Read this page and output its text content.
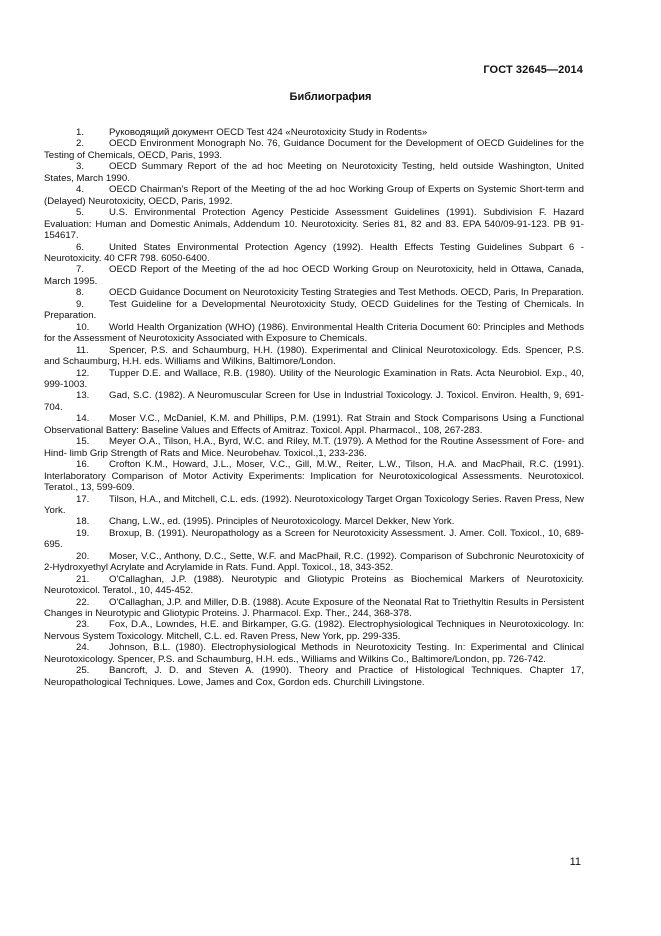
ГОСТ 32645—2014
Библиография
1.	Руководящий документ OECD Test 424 «Neurotoxicity Study in Rodents»
2.	OECD Environment Monograph No. 76, Guidance Document for the Development of OECD Guidelines for the Testing of Chemicals, OECD, Paris, 1993.
3.	OECD Summary Report of the ad hoc Meeting on Neurotoxicity Testing, held outside Washington, United States, March 1990.
4.	OECD Chairman's Report of the Meeting of the ad hoc Working Group of Experts on Systemic Short-term and (Delayed) Neurotoxicity, OECD, Paris, 1992.
5.	U.S. Environmental Protection Agency Pesticide Assessment Guidelines (1991). Subdivision F. Hazard Evaluation: Human and Domestic Animals, Addendum 10. Neurotoxicity. Series 81, 82 and 83. EPA 540/09-91-123. PB 91-154617.
6.	United States Environmental Protection Agency (1992). Health Effects Testing Guidelines Subpart 6 - Neurotoxicity. 40 CFR 798. 6050-6400.
7.	OECD Report of the Meeting of the ad hoc OECD Working Group on Neurotoxicity, held in Ottawa, Canada, March 1995.
8.	OECD Guidance Document on Neurotoxicity Testing Strategies and Test Methods. OECD, Paris, In Preparation.
9.	Test Guideline for a Developmental Neurotoxicity Study, OECD Guidelines for the Testing of Chemicals. In Preparation.
10. World Health Organization (WHO) (1986). Environmental Health Criteria Document 60: Principles and Methods for the Assessment of Neurotoxicity Associated with Exposure to Chemicals.
11. Spencer, P.S. and Schaumburg, H.H. (1980). Experimental and Clinical Neurotoxicology. Eds. Spencer, P.S. and Schaumburg, H.H. eds. Williams and Wilkins, Baltimore/London.
12. Tupper D.E. and Wallace, R.B. (1980). Utility of the Neurologic Examination in Rats. Acta Neurobiol. Exp., 40, 999-1003.
13. Gad, S.C. (1982). A Neuromuscular Screen for Use in Industrial Toxicology. J. Toxicol. Environ. Health, 9, 691-704.
14. Moser V.C., McDaniel, K.M. and Phillips, P.M. (1991). Rat Strain and Stock Comparisons Using a Functional Observational Battery: Baseline Values and Effects of Amitraz. Toxicol. Appl. Pharmacol., 108, 267-283.
15. Meyer O.A., Tilson, H.A., Byrd, W.C. and Riley, M.T. (1979). A Method for the Routine Assessment of Fore- and Hind- limb Grip Strength of Rats and Mice. Neurobehav. Toxicol.,1, 233-236.
16. Crofton K.M., Howard, J.L., Moser, V.C., Gill, M.W., Reiter, L.W., Tilson, H.A. and MacPhail, R.C. (1991). Interlaboratory Comparison of Motor Activity Experiments: Implication for Neurotoxicological Assessments. Neurotoxicol. Teratol., 13, 599-609.
17. Tilson, H.A., and Mitchell, C.L. eds. (1992). Neurotoxicology Target Organ Toxicology Series. Raven Press, New York.
18. Chang, L.W., ed. (1995). Principles of Neurotoxicology. Marcel Dekker, New York.
19. Broxup, B. (1991). Neuropathology as a Screen for Neurotoxicity Assessment. J. Amer. Coll. Toxicol., 10, 689-695.
20. Moser, V.C., Anthony, D.C., Sette, W.F. and MacPhail, R.C. (1992). Comparison of Subchronic Neurotoxicity of 2-Hydroxyethyl Acrylate and Acrylamide in Rats. Fund. Appl. Toxicol., 18, 343-352.
21. O'Callaghan, J.P. (1988). Neurotypic and Gliotypic Proteins as Biochemical Markers of Neurotoxicity. Neurotoxicol. Teratol., 10, 445-452.
22. O'Callaghan, J.P. and Miller, D.B. (1988). Acute Exposure of the Neonatal Rat to Triethyltin Results in Persistent Changes in Neurotypic and Gliotypic Proteins. J. Pharmacol. Exp. Ther., 244, 368-378.
23. Fox, D.A., Lowndes, H.E. and Birkamper, G.G. (1982). Electrophysiological Techniques in Neurotoxicology. In: Nervous System Toxicology. Mitchell, C.L. ed. Raven Press, New York, pp. 299-335.
24. Johnson, B.L. (1980). Electrophysiological Methods in Neurotoxicity Testing. In: Experimental and Clinical Neurotoxicology. Spencer, P.S. and Schaumburg, H.H. eds., Williams and Wilkins Co., Baltimore/London, pp. 726-742.
25. Bancroft, J. D. and Steven A. (1990). Theory and Practice of Histological Techniques. Chapter 17, Neuropathological Techniques. Lowe, James and Cox, Gordon eds. Churchill Livingstone.
11
